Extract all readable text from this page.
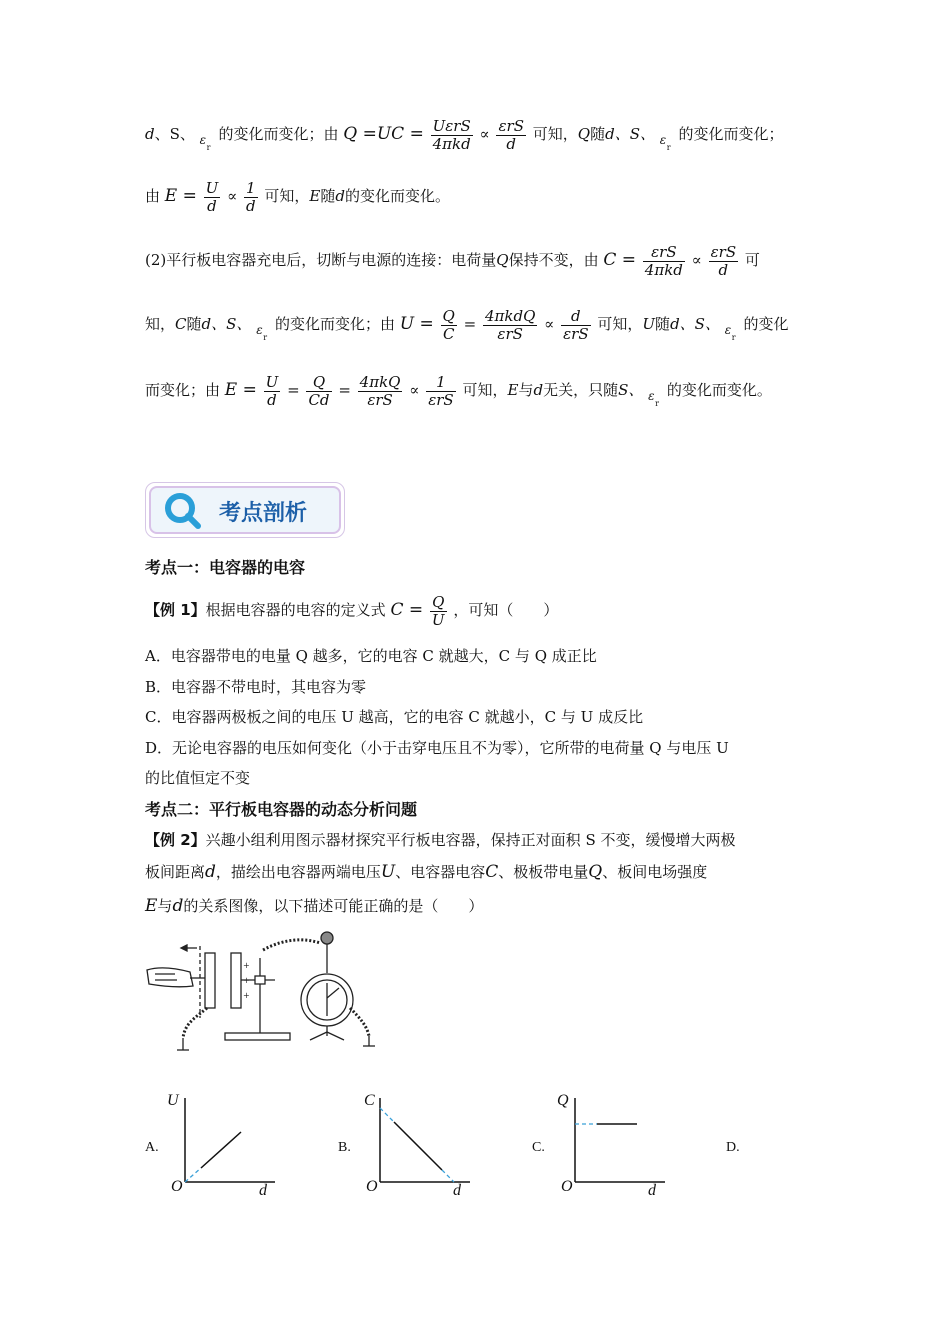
d、S、 ε r 的变化而变化；由 $Q =UC = \frac{\text{UεrS}}{\text{4πkd}} \propto \frac{\text{εrS}}{d}$ 可知，Q随d、S、 ε r 的变化而变化；
由 $E = \frac{U}{d} \propto \frac{1}{d}$ 可知，E随d的变化而变化。
(2)平行板电容器充电后，切断与电源的连接：电荷量Q保持不变，由 $C = \frac{\text{εrS}}{\text{4πkd}} \propto \frac{\text{εrS}}{d}$ 可
知，C随d、S、 ε r 的变化而变化；由 $U = \frac{Q}{C} = \frac{\text{4πkdQ}}{\text{εrS}} \propto \frac{d}{\text{εrS}}$ 可知，U随d、S、 ε r 的变化
而变化；由 $E = \frac{U}{d} = \frac{Q}{Cd} = \frac{\text{4πkQ}}{\text{εrS}} \propto \frac{1}{\text{εrS}}$ 可知，E与d无关，只随S、 ε r 的变化而变化。
考点剖析
考点一：电容器的电容
【例 1】根据电容器的电容的定义式 $C = \frac{Q}{U}$ ，可知（　　）
A．电容器带电的电量 Q 越多，它的电容 C 就越大，C 与 Q 成正比
B．电容器不带电时，其电容为零
C．电容器两极板之间的电压 U 越高，它的电容 C 就越小，C 与 U 成反比
D．无论电容器的电压如何变化（小于击穿电压且不为零），它所带的电荷量 Q 与电压 U
的比值恒定不变
考点二：平行板电容器的动态分析问题
【例 2】兴趣小组利用图示器材探究平行板电容器，保持正对面积 S 不变，缓慢增大两极
板间距离d，描绘出电容器两端电压U、电容器电容C、极板带电量Q、板间电场强度
E与d的关系图像，以下描述可能正确的是（　　）
+
+
+
A.
U
d
O
B.
C
d
O
C.
Q
d
O
D.
